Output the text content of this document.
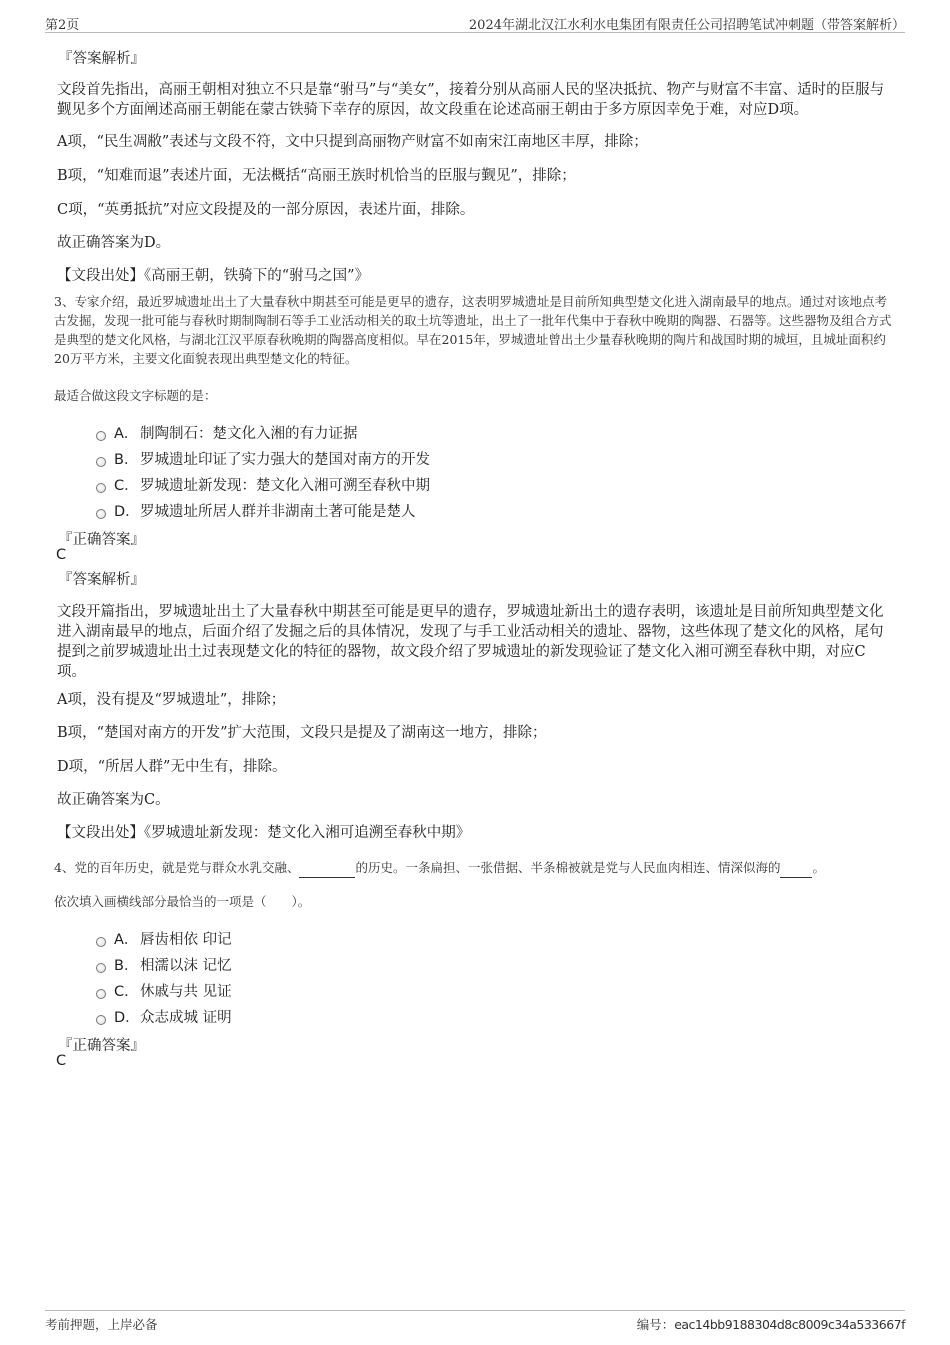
第2页	2024年湖北汉江水利水电集团有限责任公司招聘笔试冲刺题（带答案解析）
『答案解析』
文段首先指出，高丽王朝相对独立不只是靠“驸马”与“美女”，接着分别从高丽人民的坚决抵抗、物产与财富不丰富、适时的臣服与觐见多个方面阐述高丽王朝能在蒙古铁骑下幸存的原因，故文段重在论述高丽王朝由于多方原因幸免于难，对应D项。
A项，“民生凋敝”表述与文段不符，文中只提到高丽物产财富不如南宋江南地区丰厚，排除；
B项，“知难而退”表述片面，无法概括“高丽王族时机恰当的臣服与觐见”，排除；
C项，“英勇抵抗”对应文段提及的一部分原因，表述片面，排除。
故正确答案为D。
【文段出处】《高丽王朝，铁骑下的“驸马之国”》
3、专家介绍，最近罗城遗址出土了大量春秋中期甚至可能是更早的遗存，这表明罗城遗址是目前所知典型楚文化进入湖南最早的地点。通过对该地点考古发掘，发现一批可能与春秋时期制陶制石等手工业活动相关的取土坑等遗址，出土了一批年代集中于春秋中晚期的陶器、石器等。这些器物及组合方式是典型的楚文化风格，与湖北江汉平原春秋晚期的陶器高度相似。早在2015年，罗城遗址曾出土少量春秋晚期的陶片和战国时期的城垣，且城址面积约20万平方米，主要文化面貌表现出典型楚文化的特征。
最适合做这段文字标题的是：
A． 制陶制石：楚文化入湘的有力证据
B． 罗城遗址印证了实力强大的楚国对南方的开发
C．罗城遗址新发现：楚文化入湘可溯至春秋中期
D．罗城遗址所居人群并非湖南土著可能是楚人
『正确答案』
C
『答案解析』
文段开篇指出，罗城遗址出土了大量春秋中期甚至可能是更早的遗存，罗城遗址新出土的遗存表明，该遗址是目前所知典型楚文化进入湖南最早的地点，后面介绍了发掘之后的具体情况，发现了与手工业活动相关的遗址、器物，这些体现了楚文化的风格，尾句提到之前罗城遗址出土过表现楚文化的特征的器物，故文段介绍了罗城遗址的新发现验证了楚文化入湘可溯至春秋中期，对应C项。
A项，没有提及“罗城遗址”，排除；
B项，“楚国对南方的开发”扩大范围，文段只是提及了湖南这一地方，排除；
D项，“所居人群”无中生有，排除。
故正确答案为C。
【文段出处】《罗城遗址新发现：楚文化入湘可追溯至春秋中期》
4、党的百年历史，就是党与群众水乳交融、	的历史。一条扁担、一张借据、半条棉被就是党与人民血肉相连、情深似海的	。
依次填入画横线部分最恰当的一项是（　　）。
A． 唇齿相依 印记
B． 相濡以沫 记忆
C．休戚与共 见证
D．众志成城 证明
『正确答案』
C
考前押题，上岸必备	编号：eac14bb9188304d8c8009c34a533667f
